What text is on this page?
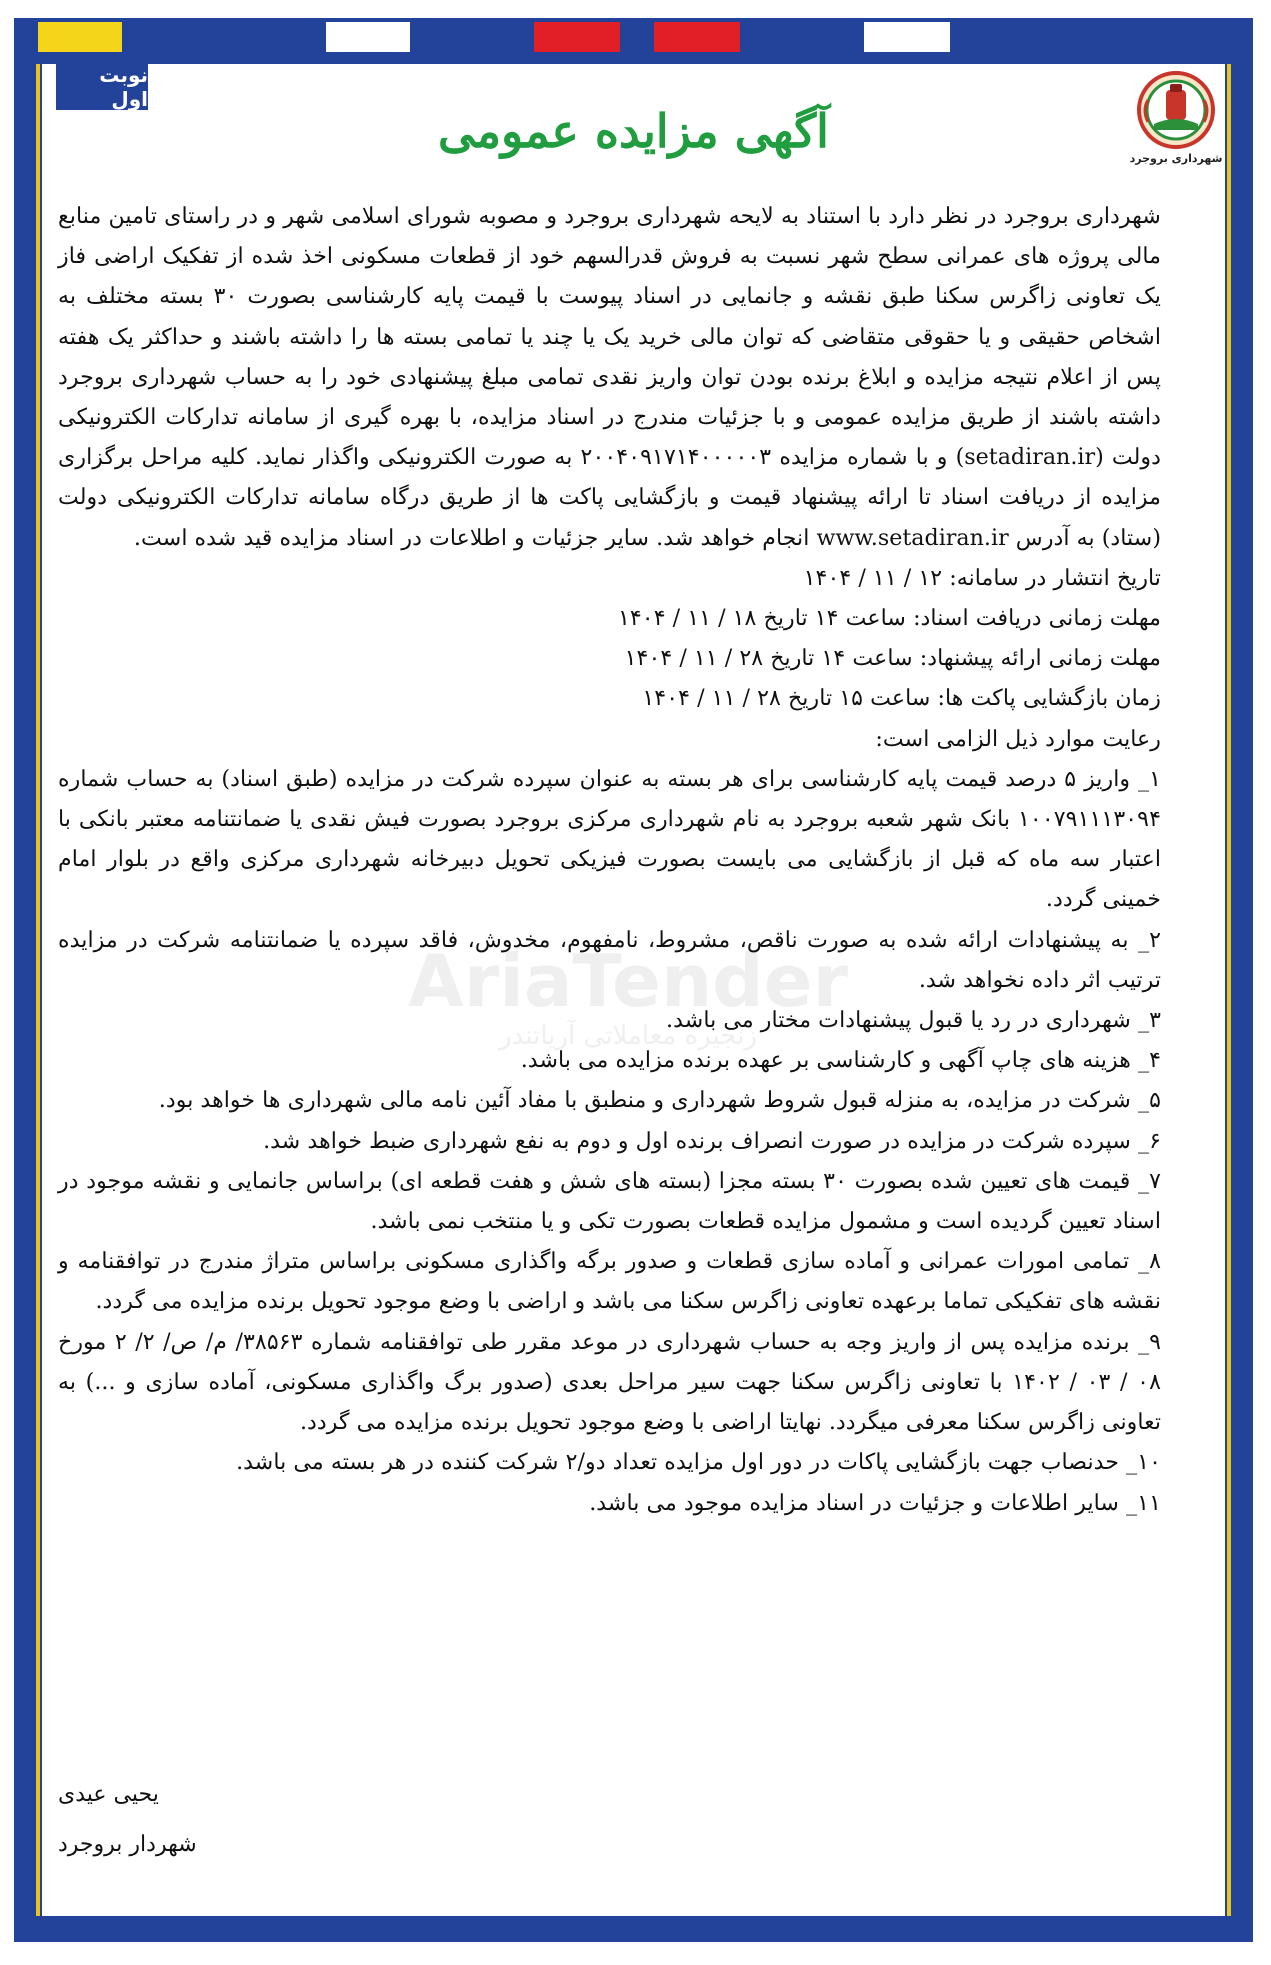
نوبت اول
شهرداری بروجرد
آگهی مزایده عمومی
AriaTender
زنجیره معاملاتی آریاتندر

شهرداری بروجرد در نظر دارد با استناد به لایحه شهرداری بروجرد و مصوبه شورای اسلامی شهر و در راستای تامین منابع مالی پروژه های عمرانی سطح شهر نسبت به فروش قدرالسهم خود از قطعات مسکونی اخذ شده از تفکیک اراضی فاز یک تعاونی زاگرس سکنا طبق نقشه و جانمایی در اسناد پیوست با قیمت پایه کارشناسی بصورت ۳۰ بسته مختلف به اشخاص حقیقی و یا حقوقی متقاضی که توان مالی خرید یک یا چند یا تمامی بسته ها را داشته باشند و حداکثر یک هفته پس از اعلام نتیجه مزایده و ابلاغ برنده بودن توان واریز نقدی تمامی مبلغ پیشنهادی خود را به حساب شهرداری بروجرد داشته باشند از طریق مزایده عمومی و با جزئیات مندرج در اسناد مزایده، با بهره گیری از سامانه تدارکات الکترونیکی دولت (setadiran.ir) و با شماره مزایده ۲۰۰۴۰۹۱۷۱۴۰۰۰۰۰۳ به صورت الکترونیکی واگذار نماید. کلیه مراحل برگزاری مزایده از دریافت اسناد تا ارائه پیشنهاد قیمت و بازگشایی پاکت ها از طریق درگاه سامانه تدارکات الکترونیکی دولت (ستاد) به آدرس www.setadiran.ir انجام خواهد شد. سایر جزئیات و اطلاعات در اسناد مزایده قید شده است.

تاریخ انتشار در سامانه: ۱۲ / ۱۱ / ۱۴۰۴

مهلت زمانی دریافت اسناد: ساعت ۱۴ تاریخ ۱۸ / ۱۱ / ۱۴۰۴

مهلت زمانی ارائه پیشنهاد: ساعت ۱۴ تاریخ ۲۸ / ۱۱ / ۱۴۰۴

زمان بازگشایی پاکت ها: ساعت ۱۵ تاریخ ۲۸ / ۱۱ / ۱۴۰۴

رعایت موارد ذیل الزامی است:

۱_ واریز ۵ درصد قیمت پایه کارشناسی برای هر بسته به عنوان سپرده شرکت در مزایده (طبق اسناد) به حساب شماره ۱۰۰۷۹۱۱۱۳۰۹۴ بانک شهر شعبه بروجرد به نام شهرداری مرکزی بروجرد بصورت فیش نقدی یا ضمانتنامه معتبر بانکی با اعتبار سه ماه که قبل از بازگشایی می بایست بصورت فیزیکی تحویل دبیرخانه شهرداری مرکزی واقع در بلوار امام خمینی گردد.

۲_ به پیشنهادات ارائه شده به صورت ناقص، مشروط، نامفهوم، مخدوش، فاقد سپرده یا ضمانتنامه شرکت در مزایده ترتیب اثر داده نخواهد شد.

۳_ شهرداری در رد یا قبول پیشنهادات مختار می باشد.

۴_ هزینه های چاپ آگهی و کارشناسی بر عهده برنده مزایده می باشد.

۵_ شرکت در مزایده، به منزله قبول شروط شهرداری و منطبق با مفاد آئین نامه مالی شهرداری ها خواهد بود.

۶_ سپرده شرکت در مزایده در صورت انصراف برنده اول و دوم به نفع شهرداری ضبط خواهد شد.

۷_ قیمت های تعیین شده بصورت ۳۰ بسته مجزا (بسته های شش و هفت قطعه ای) براساس جانمایی و نقشه موجود در اسناد تعیین گردیده است و مشمول مزایده قطعات بصورت تکی و یا منتخب نمی باشد.

۸_ تمامی امورات عمرانی و آماده سازی قطعات و صدور برگه واگذاری مسکونی براساس متراژ مندرج در توافقنامه و نقشه های تفکیکی تماما برعهده تعاونی زاگرس سکنا می باشد و اراضی با وضع موجود تحویل برنده مزایده می گردد.

۹_ برنده مزایده پس از واریز وجه به حساب شهرداری در موعد مقرر طی توافقنامه شماره ۳۸۵۶۳/ م/ ص/ ۲/ ۲ مورخ ۰۸ / ۰۳ / ۱۴۰۲ با تعاونی زاگرس سکنا جهت سیر مراحل بعدی (صدور برگ واگذاری مسکونی، آماده سازی و ...) به تعاونی زاگرس سکنا معرفی میگردد. نهایتا اراضی با وضع موجود تحویل برنده مزایده می گردد.

۱۰_ حدنصاب جهت بازگشایی پاکات در دور اول مزایده تعداد دو/۲ شرکت کننده در هر بسته می باشد.

۱۱_ سایر اطلاعات و جزئیات در اسناد مزایده موجود می باشد.

یحیی عیدی
شهردار بروجرد
